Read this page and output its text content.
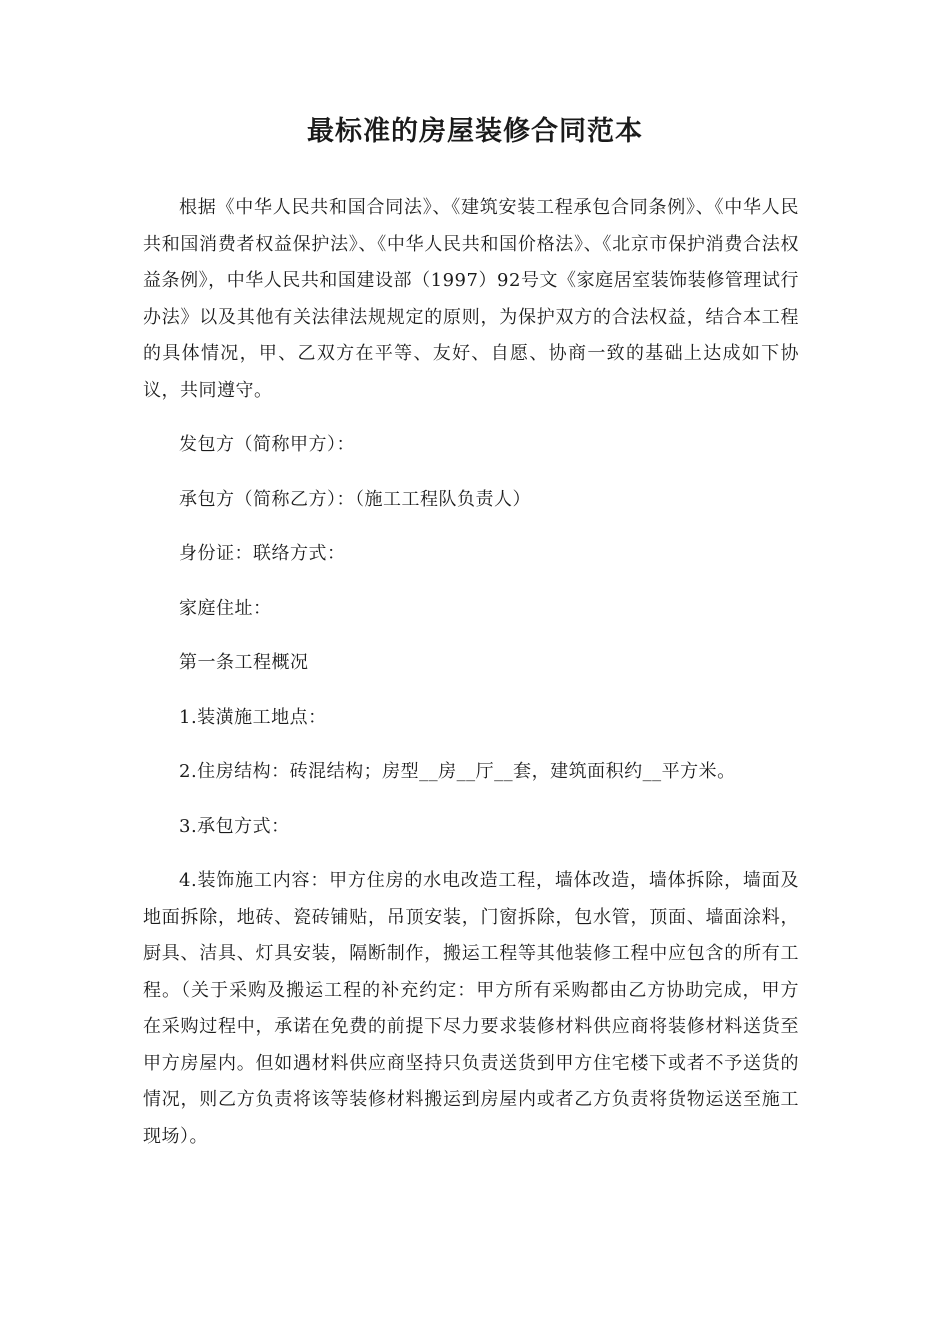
最标准的房屋装修合同范本

根据《中华人民共和国合同法》、《建筑安装工程承包合同条例》、《中华人民共和国消费者权益保护法》、《中华人民共和国价格法》、《北京市保护消费合法权益条例》，中华人民共和国建设部（1997）92号文《家庭居室装饰装修管理试行办法》以及其他有关法律法规规定的原则，为保护双方的合法权益，结合本工程的具体情况，甲、乙双方在平等、友好、自愿、协商一致的基础上达成如下协议，共同遵守。

发包方（简称甲方）：

承包方（简称乙方）：（施工工程队负责人）

身份证：联络方式：

家庭住址：

第一条工程概况

1.装潢施工地点：

2.住房结构：砖混结构；房型__房__厅__套，建筑面积约__平方米。

3.承包方式：

4.装饰施工内容：甲方住房的水电改造工程，墙体改造，墙体拆除，墙面及地面拆除，地砖、瓷砖铺贴，吊顶安装，门窗拆除，包水管，顶面、墙面涂料，厨具、洁具、灯具安装，隔断制作，搬运工程等其他装修工程中应包含的所有工程。（关于采购及搬运工程的补充约定：甲方所有采购都由乙方协助完成，甲方在采购过程中，承诺在免费的前提下尽力要求装修材料供应商将装修材料送货至甲方房屋内。但如遇材料供应商坚持只负责送货到甲方住宅楼下或者不予送货的情况，则乙方负责将该等装修材料搬运到房屋内或者乙方负责将货物运送至施工现场）。
